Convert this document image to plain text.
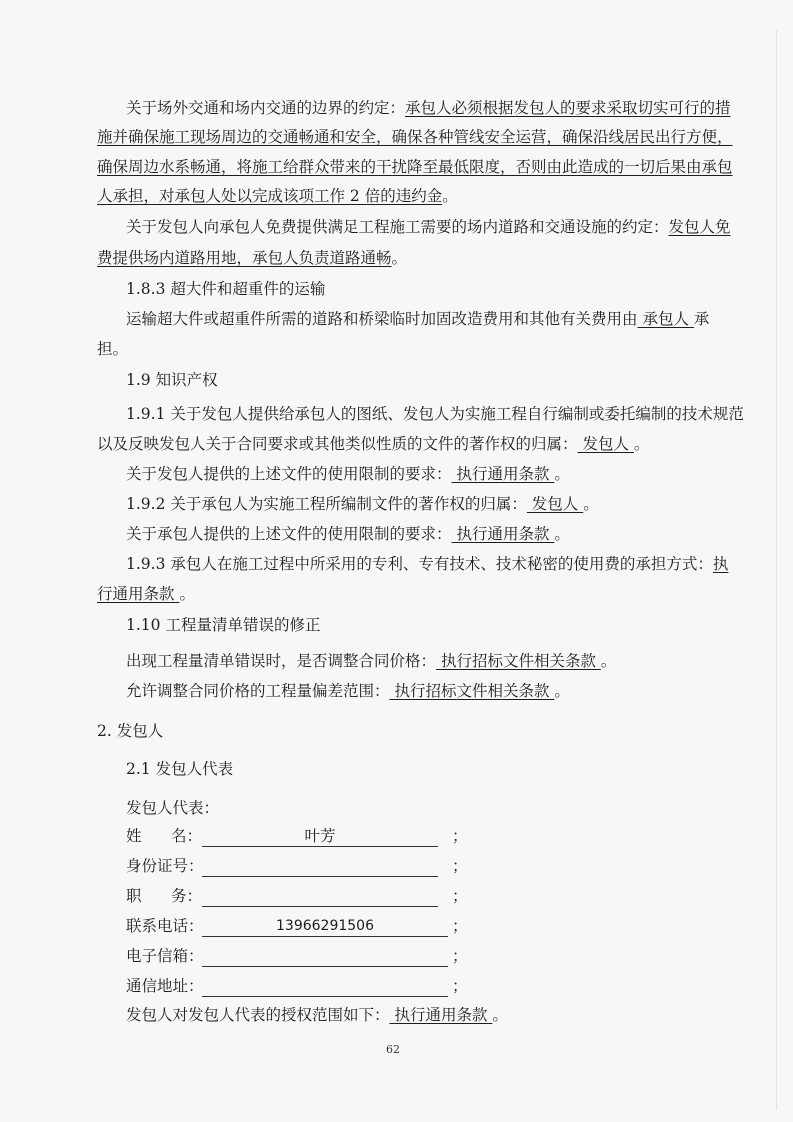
关于场外交通和场内交通的边界的约定：承包人必须根据发包人的要求采取切实可行的措
施并确保施工现场周边的交通畅通和安全，确保各种管线安全运营，确保沿线居民出行方便，
确保周边水系畅通，将施工给群众带来的干扰降至最低限度，否则由此造成的一切后果由承包
人承担，对承包人处以完成该项工作 2 倍的违约金。
关于发包人向承包人免费提供满足工程施工需要的场内道路和交通设施的约定：发包人免
费提供场内道路用地，承包人负责道路通畅。
1.8.3 超大件和超重件的运输
运输超大件或超重件所需的道路和桥梁临时加固改造费用和其他有关费用由 承包人 承
担。
1.9 知识产权
1.9.1 关于发包人提供给承包人的图纸、发包人为实施工程自行编制或委托编制的技术规范
以及反映发包人关于合同要求或其他类似性质的文件的著作权的归属： 发包人 。
关于发包人提供的上述文件的使用限制的要求： 执行通用条款 。
1.9.2 关于承包人为实施工程所编制文件的著作权的归属： 发包人 。
关于承包人提供的上述文件的使用限制的要求： 执行通用条款 。
1.9.3 承包人在施工过程中所采用的专利、专有技术、技术秘密的使用费的承担方式：执
行通用条款 。
1.10 工程量清单错误的修正
出现工程量清单错误时，是否调整合同价格： 执行招标文件相关条款 。
允许调整合同价格的工程量偏差范围： 执行招标文件相关条款 。
2. 发包人
2.1 发包人代表
发包人代表：
姓      名：	叶芳	；
身份证号：	；
职      务：	；
联系电话：	13966291506	；
电子信箱：	；
通信地址：	；
发包人对发包人代表的授权范围如下： 执行通用条款 。
62
